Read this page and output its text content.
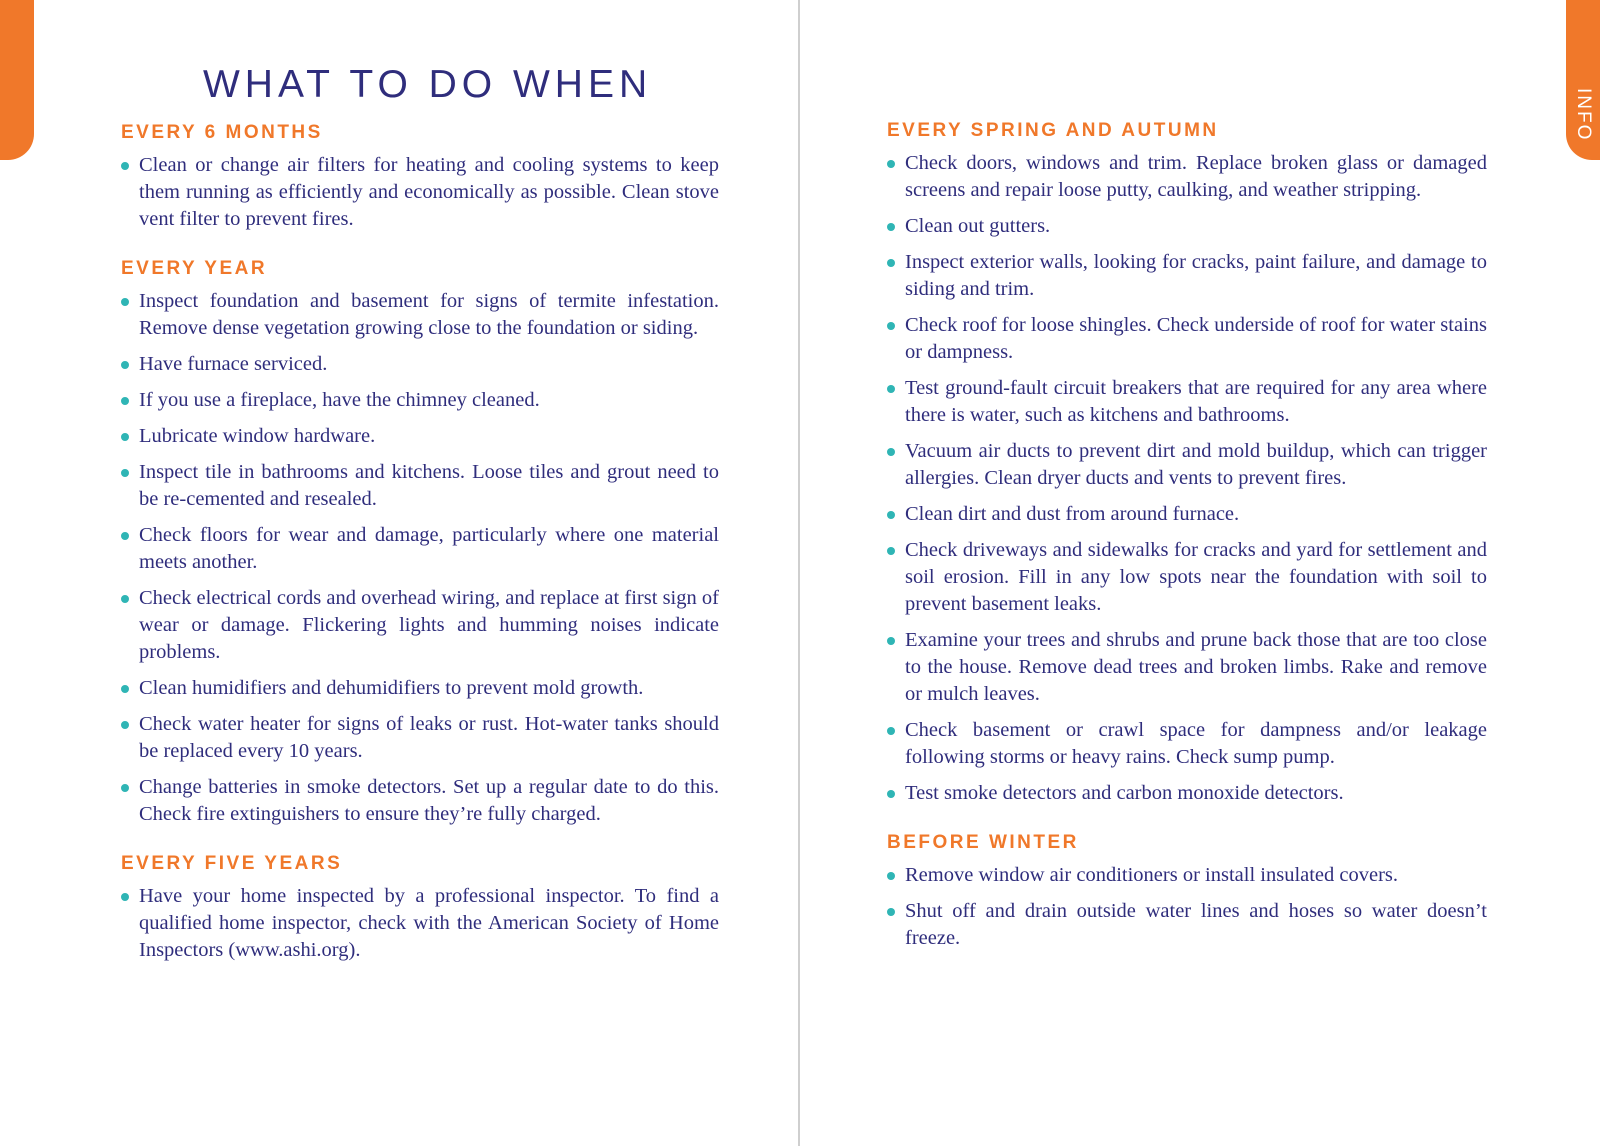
INFO
WHAT TO DO WHEN
EVERY 6 MONTHS
Clean or change air filters for heating and cooling systems to keep them running as efficiently and economically as possible. Clean stove vent filter to prevent fires.
EVERY YEAR
Inspect foundation and basement for signs of termite infestation. Remove dense vegetation growing close to the foundation or siding.
Have furnace serviced.
If you use a fireplace, have the chimney cleaned.
Lubricate window hardware.
Inspect tile in bathrooms and kitchens. Loose tiles and grout need to be re-cemented and resealed.
Check floors for wear and damage, particularly where one material meets another.
Check electrical cords and overhead wiring, and replace at first sign of wear or damage. Flickering lights and humming noises indicate problems.
Clean humidifiers and dehumidifiers to prevent mold growth.
Check water heater for signs of leaks or rust. Hot-water tanks should be replaced every 10 years.
Change batteries in smoke detectors. Set up a regular date to do this. Check fire extinguishers to ensure they’re fully charged.
EVERY FIVE YEARS
Have your home inspected by a professional inspector. To find a qualified home inspector, check with the American Society of Home Inspectors (www.ashi.org).
EVERY SPRING AND AUTUMN
Check doors, windows and trim. Replace broken glass or damaged screens and repair loose putty, caulking, and weather stripping.
Clean out gutters.
Inspect exterior walls, looking for cracks, paint failure, and damage to siding and trim.
Check roof for loose shingles. Check underside of roof for water stains or dampness.
Test ground-fault circuit breakers that are required for any area where there is water, such as kitchens and bathrooms.
Vacuum air ducts to prevent dirt and mold buildup, which can trigger allergies. Clean dryer ducts and vents to prevent fires.
Clean dirt and dust from around furnace.
Check driveways and sidewalks for cracks and yard for settlement and soil erosion. Fill in any low spots near the foundation with soil to prevent basement leaks.
Examine your trees and shrubs and prune back those that are too close to the house. Remove dead trees and broken limbs. Rake and remove or mulch leaves.
Check basement or crawl space for dampness and/or leakage following storms or heavy rains. Check sump pump.
Test smoke detectors and carbon monoxide detectors.
BEFORE WINTER
Remove window air conditioners or install insulated covers.
Shut off and drain outside water lines and hoses so water doesn’t freeze.
